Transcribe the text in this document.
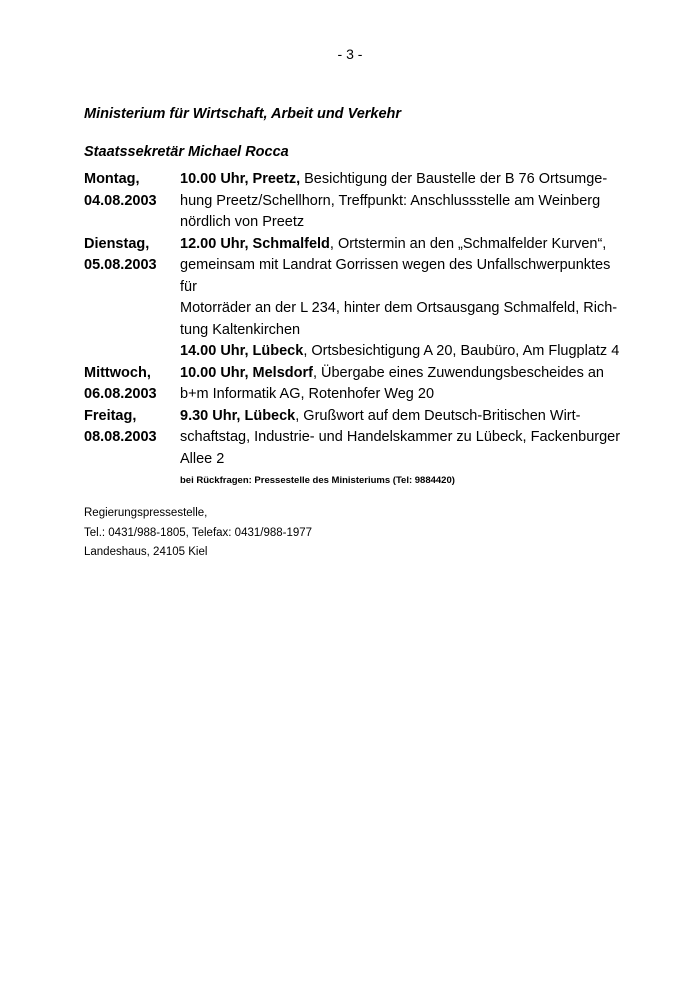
- 3 -
Ministerium für Wirtschaft, Arbeit und Verkehr
Staatssekretär Michael Rocca
Montag,
04.08.2003

10.00 Uhr, Preetz, Besichtigung der Baustelle der B 76 Ortsumge-
hung Preetz/Schellhorn, Treffpunkt: Anschlussstelle am Weinberg
nördlich von Preetz

Dienstag,
05.08.2003

12.00 Uhr, Schmalfeld, Ortstermin an den „Schmalfelder Kurven“,
gemeinsam mit Landrat Gorrissen wegen des Unfallschwerpunktes für
Motorräder an der L 234, hinter dem Ortsausgang Schmalfeld, Rich-
tung Kaltenkirchen

14.00 Uhr, Lübeck, Ortsbesichtigung A 20, Baubüro, Am Flugplatz 4

Mittwoch,
06.08.2003

10.00 Uhr, Melsdorf, Übergabe eines Zuwendungsbescheides an
b+m Informatik AG, Rotenhofer Weg 20

Freitag,
08.08.2003

9.30 Uhr, Lübeck, Grußwort auf dem Deutsch-Britischen Wirt-
schaftstag, Industrie- und Handelskammer zu Lübeck, Fackenburger
Allee 2

bei Rückfragen: Pressestelle des Ministeriums (Tel: 9884420)
Regierungspressestelle,
Tel.: 0431/988-1805, Telefax: 0431/988-1977
Landeshaus, 24105 Kiel
